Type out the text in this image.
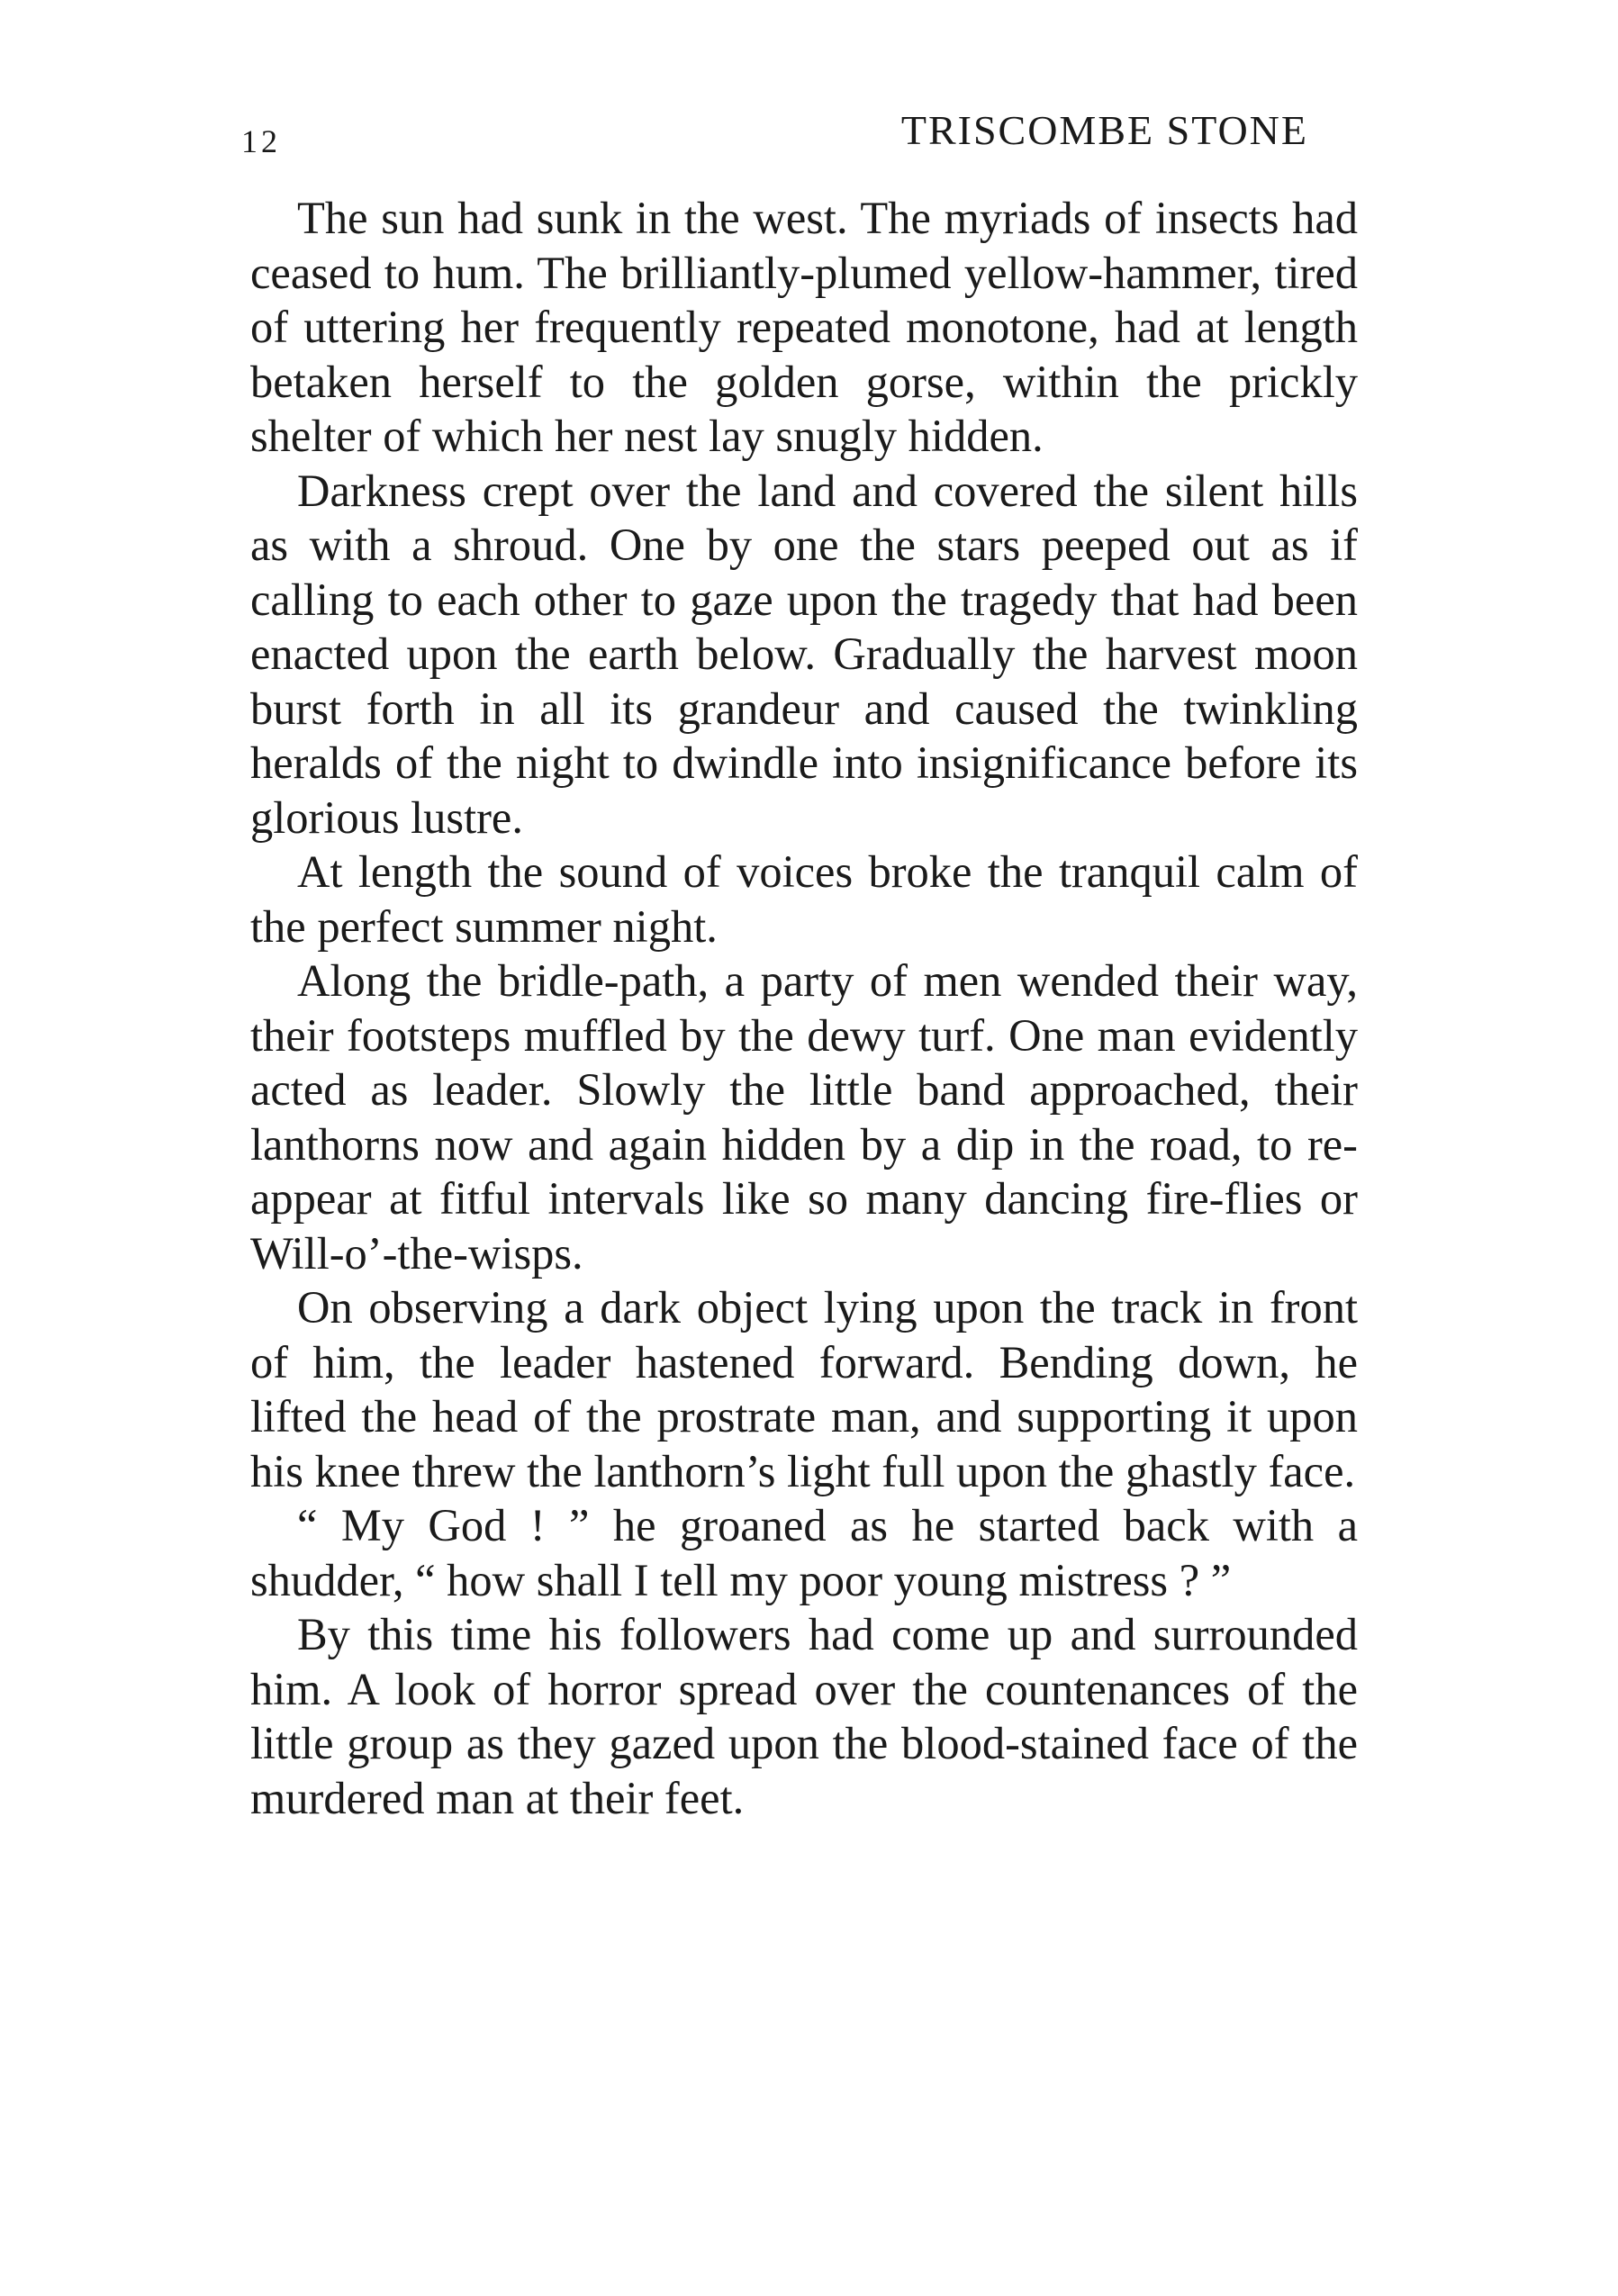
12	TRISCOMBE STONE

The sun had sunk in the west. The myriads of insects had ceased to hum. The brilliantly-plumed yellow-hammer, tired of uttering her frequently repeated monotone, had at length betaken herself to the golden gorse, within the prickly shelter of which her nest lay snugly hidden.

Darkness crept over the land and covered the silent hills as with a shroud. One by one the stars peeped out as if calling to each other to gaze upon the tragedy that had been enacted upon the earth below. Gradually the harvest moon burst forth in all its grandeur and caused the twinkling heralds of the night to dwindle into insignificance before its glorious lustre.

At length the sound of voices broke the tranquil calm of the perfect summer night.

Along the bridle-path, a party of men wended their way, their footsteps muffled by the dewy turf. One man evidently acted as leader. Slowly the little band approached, their lanthorns now and again hidden by a dip in the road, to re-appear at fitful intervals like so many dancing fire-flies or Will-o’-the-wisps.

On observing a dark object lying upon the track in front of him, the leader hastened forward. Bending down, he lifted the head of the prostrate man, and supporting it upon his knee threw the lanthorn’s light full upon the ghastly face.

“ My God ! ” he groaned as he started back with a shudder, “ how shall I tell my poor young mistress ? ”

By this time his followers had come up and surrounded him. A look of horror spread over the countenances of the little group as they gazed upon the blood-stained face of the murdered man at their feet.
